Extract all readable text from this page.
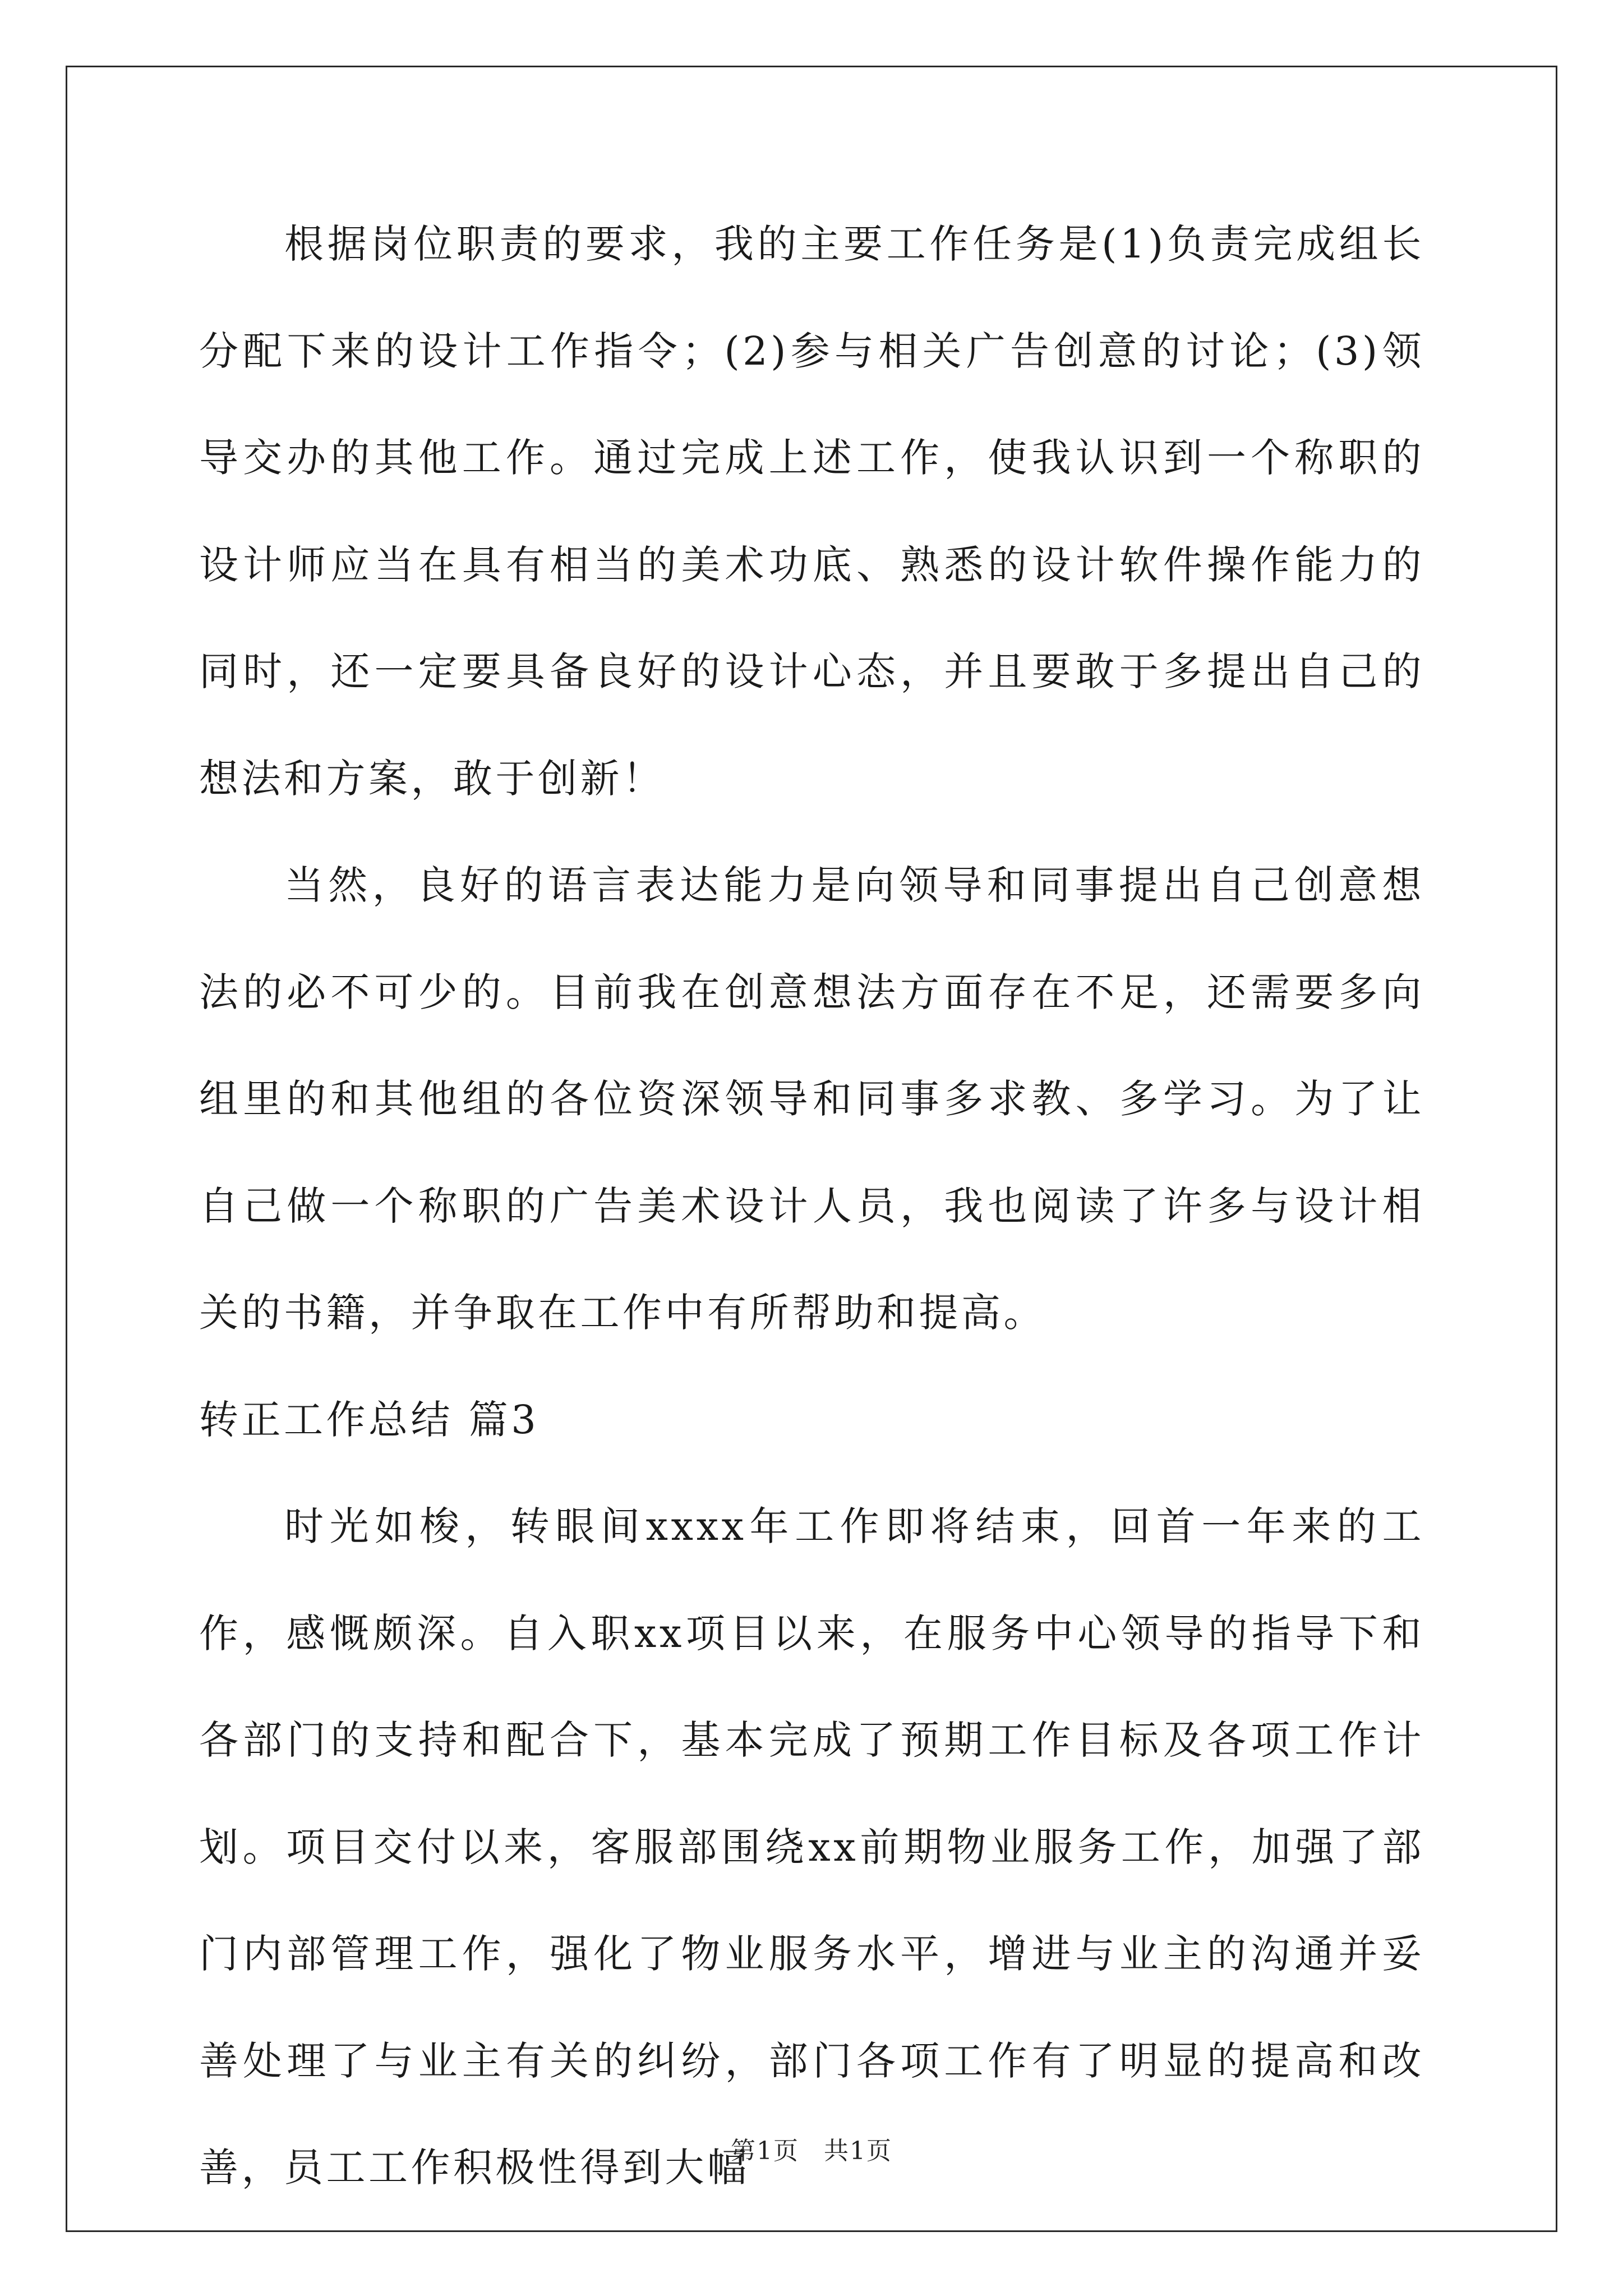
根据岗位职责的要求，我的主要工作任务是(1)负责完成组长分配下来的设计工作指令；(2)参与相关广告创意的讨论；(3)领导交办的其他工作。通过完成上述工作，使我认识到一个称职的设计师应当在具有相当的美术功底、熟悉的设计软件操作能力的同时，还一定要具备良好的设计心态，并且要敢于多提出自己的想法和方案，敢于创新！

当然，良好的语言表达能力是向领导和同事提出自己创意想法的必不可少的。目前我在创意想法方面存在不足，还需要多向组里的和其他组的各位资深领导和同事多求教、多学习。为了让自己做一个称职的广告美术设计人员，我也阅读了许多与设计相关的书籍，并争取在工作中有所帮助和提高。

转正工作总结 篇3

时光如梭，转眼间xxxx年工作即将结束，回首一年来的工作，感慨颇深。自入职xx项目以来，在服务中心领导的指导下和各部门的支持和配合下，基本完成了预期工作目标及各项工作计划。项目交付以来，客服部围绕xx前期物业服务工作，加强了部门内部管理工作，强化了物业服务水平，增进与业主的沟通并妥善处理了与业主有关的纠纷，部门各项工作有了明显的提高和改善，员工工作积极性得到大幅

第1页 共1页
